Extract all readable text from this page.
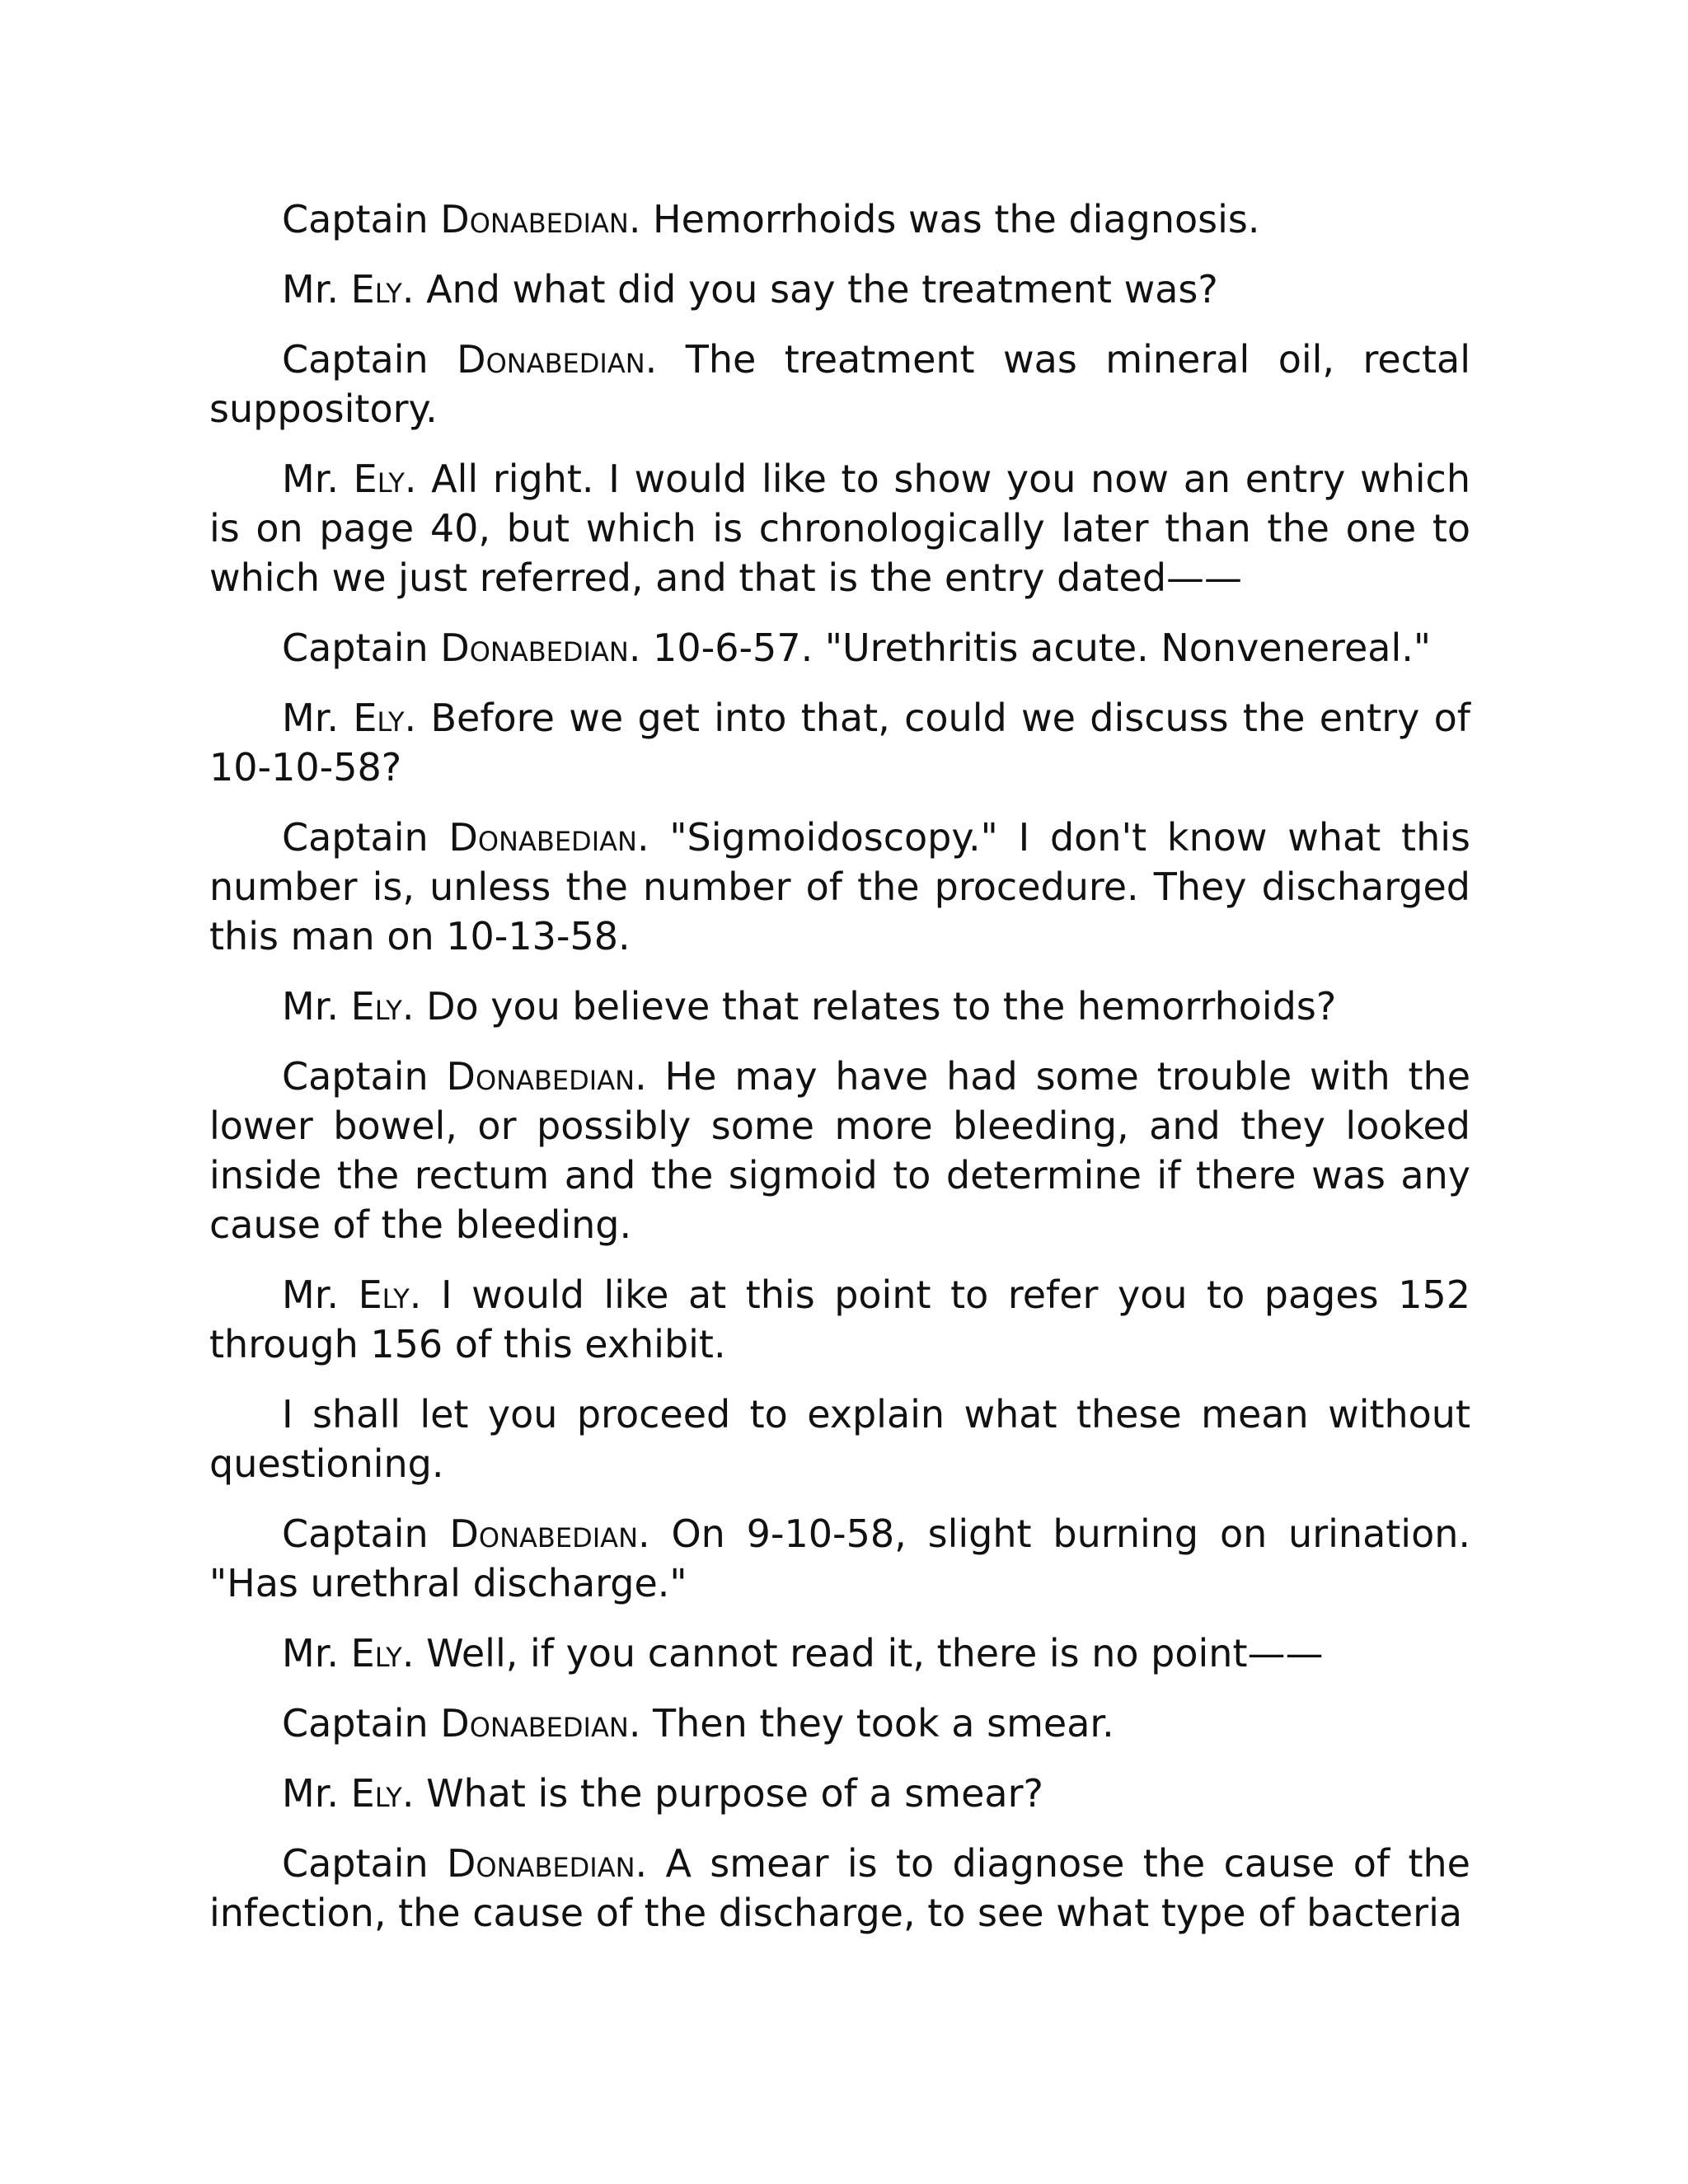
Captain Donabedian. Hemorrhoids was the diagnosis.

Mr. Ely. And what did you say the treatment was?

Captain Donabedian. The treatment was mineral oil, rectal suppository.

Mr. Ely. All right. I would like to show you now an entry which is on page 40, but which is chronologically later than the one to which we just referred, and that is the entry dated——

Captain Donabedian. 10-6-57. "Urethritis acute. Nonvenereal."

Mr. Ely. Before we get into that, could we discuss the entry of 10-10-58?

Captain Donabedian. "Sigmoidoscopy." I don't know what this number is, unless the number of the procedure. They discharged this man on 10-13-58.

Mr. Ely. Do you believe that relates to the hemorrhoids?

Captain Donabedian. He may have had some trouble with the lower bowel, or possibly some more bleeding, and they looked inside the rectum and the sigmoid to determine if there was any cause of the bleeding.

Mr. Ely. I would like at this point to refer you to pages 152 through 156 of this exhibit.

I shall let you proceed to explain what these mean without questioning.

Captain Donabedian. On 9-10-58, slight burning on urination. "Has urethral discharge."

Mr. Ely. Well, if you cannot read it, there is no point——

Captain Donabedian. Then they took a smear.

Mr. Ely. What is the purpose of a smear?

Captain Donabedian. A smear is to diagnose the cause of the infection, the cause of the discharge, to see what type of bacteria
